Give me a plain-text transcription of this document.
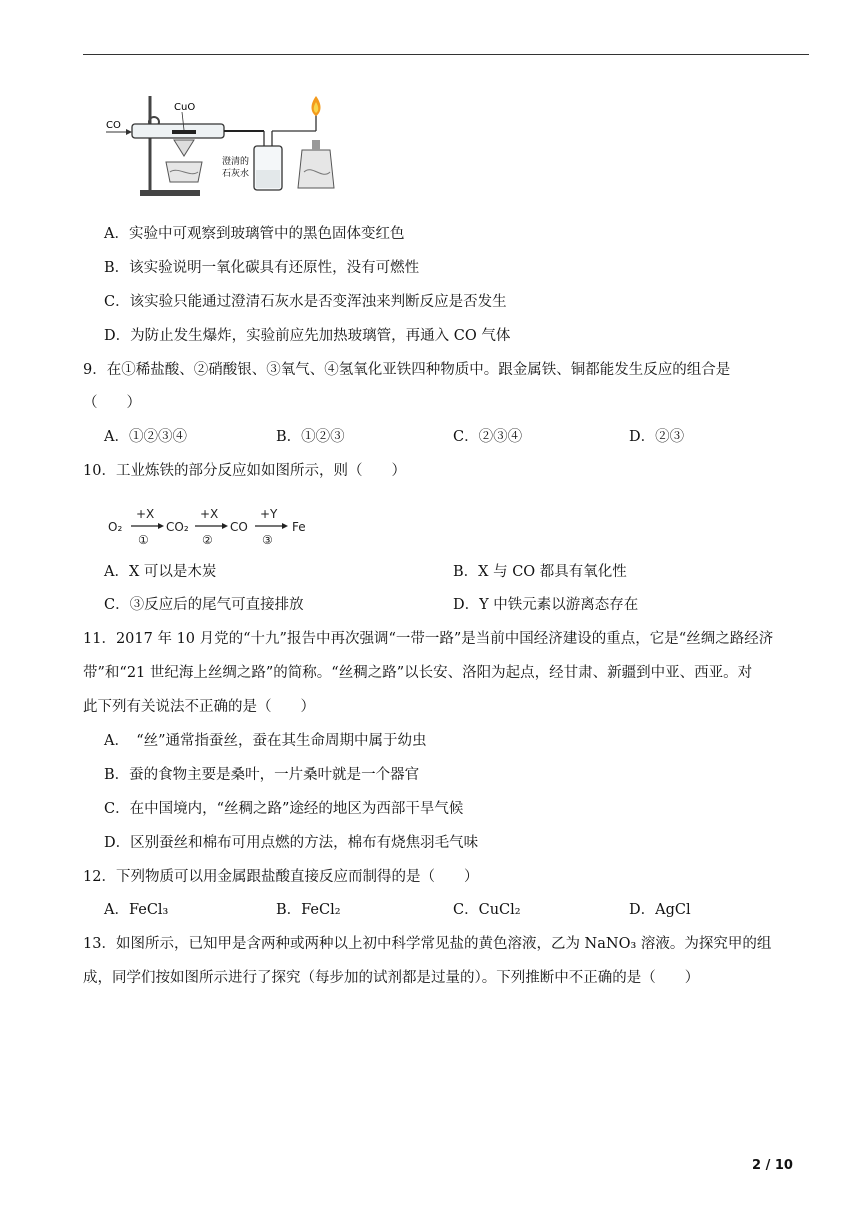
CO
CuO
澄清的
石灰水
A．实验中可观察到玻璃管中的黑色固体变红色
B．该实验说明一氧化碳具有还原性，没有可燃性
C．该实验只能通过澄清石灰水是否变浑浊来判断反应是否发生
D．为防止发生爆炸，实验前应先加热玻璃管，再通入 CO 气体
9．在①稀盐酸、②硝酸银、③氧气、④氢氧化亚铁四种物质中。跟金属铁、铜都能发生反应的组合是
（　　）
A．①②③④	B．①②③	C．②③④	D．②③
10．工业炼铁的部分反应如如图所示，则（　　）
O₂
+X
①
CO₂
+X
②
CO
+Y
③
Fe
A．X 可以是木炭	B．X 与 CO 都具有氧化性
C．③反应后的尾气可直接排放	D．Y 中铁元素以游离态存在
11．2017 年 10 月党的“十九”报告中再次强调“一带一路”是当前中国经济建设的重点，它是“丝绸之路经济
带”和“21 世纪海上丝绸之路”的简称。“丝稠之路”以长安、洛阳为起点，经甘肃、新疆到中亚、西亚。对
此下列有关说法不正确的是（　　）
A．　“丝”通常指蚕丝，蚕在其生命周期中属于幼虫
B．蚕的食物主要是桑叶，一片桑叶就是一个器官
C．在中国境内，“丝稠之路”途经的地区为西部干旱气候
D．区别蚕丝和棉布可用点燃的方法，棉布有烧焦羽毛气味
12．下列物质可以用金属跟盐酸直接反应而制得的是（　　）
A．FeCl₃	B．FeCl₂	C．CuCl₂	D．AgCl
13．如图所示，已知甲是含两种或两种以上初中科学常见盐的黄色溶液，乙为 NaNO₃ 溶液。为探究甲的组
成，同学们按如图所示进行了探究（每步加的试剂都是过量的）。下列推断中不正确的是（　　）
2 / 10
